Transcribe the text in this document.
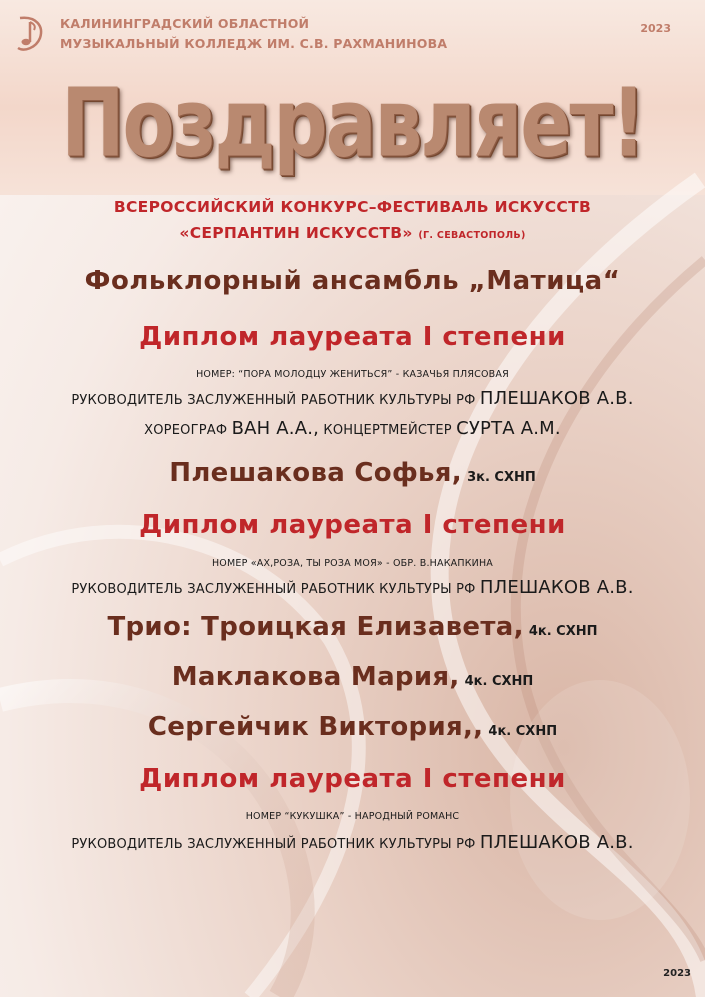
КАЛИНИНГРАДСКИЙ ОБЛАСТНОЙ
МУЗЫКАЛЬНЫЙ КОЛЛЕДЖ ИМ. С.В. РАХМАНИНОВА
2023
Поздравляет!
ВСЕРОССИЙСКИЙ КОНКУРС–ФЕСТИВАЛЬ ИСКУССТВ
«СЕРПАНТИН ИСКУССТВ» (Г. СЕВАСТОПОЛЬ)
Фольклорный ансамбль „Матица“
Диплом лауреата I степени
НОМЕР: “ПОРА МОЛОДЦУ ЖЕНИТЬСЯ” - КАЗАЧЬЯ ПЛЯСОВАЯ
РУКОВОДИТЕЛЬ ЗАСЛУЖЕННЫЙ РАБОТНИК КУЛЬТУРЫ РФ ПЛЕШАКОВ А.В.
ХОРЕОГРАФ ВАН А.А., КОНЦЕРТМЕЙСТЕР СУРТА А.М.
Плешакова Софья, 3к. СХНП
Диплом лауреата I степени
НОМЕР «АХ,РОЗА, ТЫ РОЗА МОЯ» - ОБР. В.НАКАПКИНА
РУКОВОДИТЕЛЬ ЗАСЛУЖЕННЫЙ РАБОТНИК КУЛЬТУРЫ РФ ПЛЕШАКОВ А.В.
Трио: Троицкая Елизавета, 4к. СХНП
Маклакова Мария, 4к. СХНП
Сергейчик Виктория,, 4к. СХНП
Диплом лауреата I степени
НОМЕР “КУКУШКА” - НАРОДНЫЙ РОМАНС
РУКОВОДИТЕЛЬ ЗАСЛУЖЕННЫЙ РАБОТНИК КУЛЬТУРЫ РФ ПЛЕШАКОВ А.В.
2023
